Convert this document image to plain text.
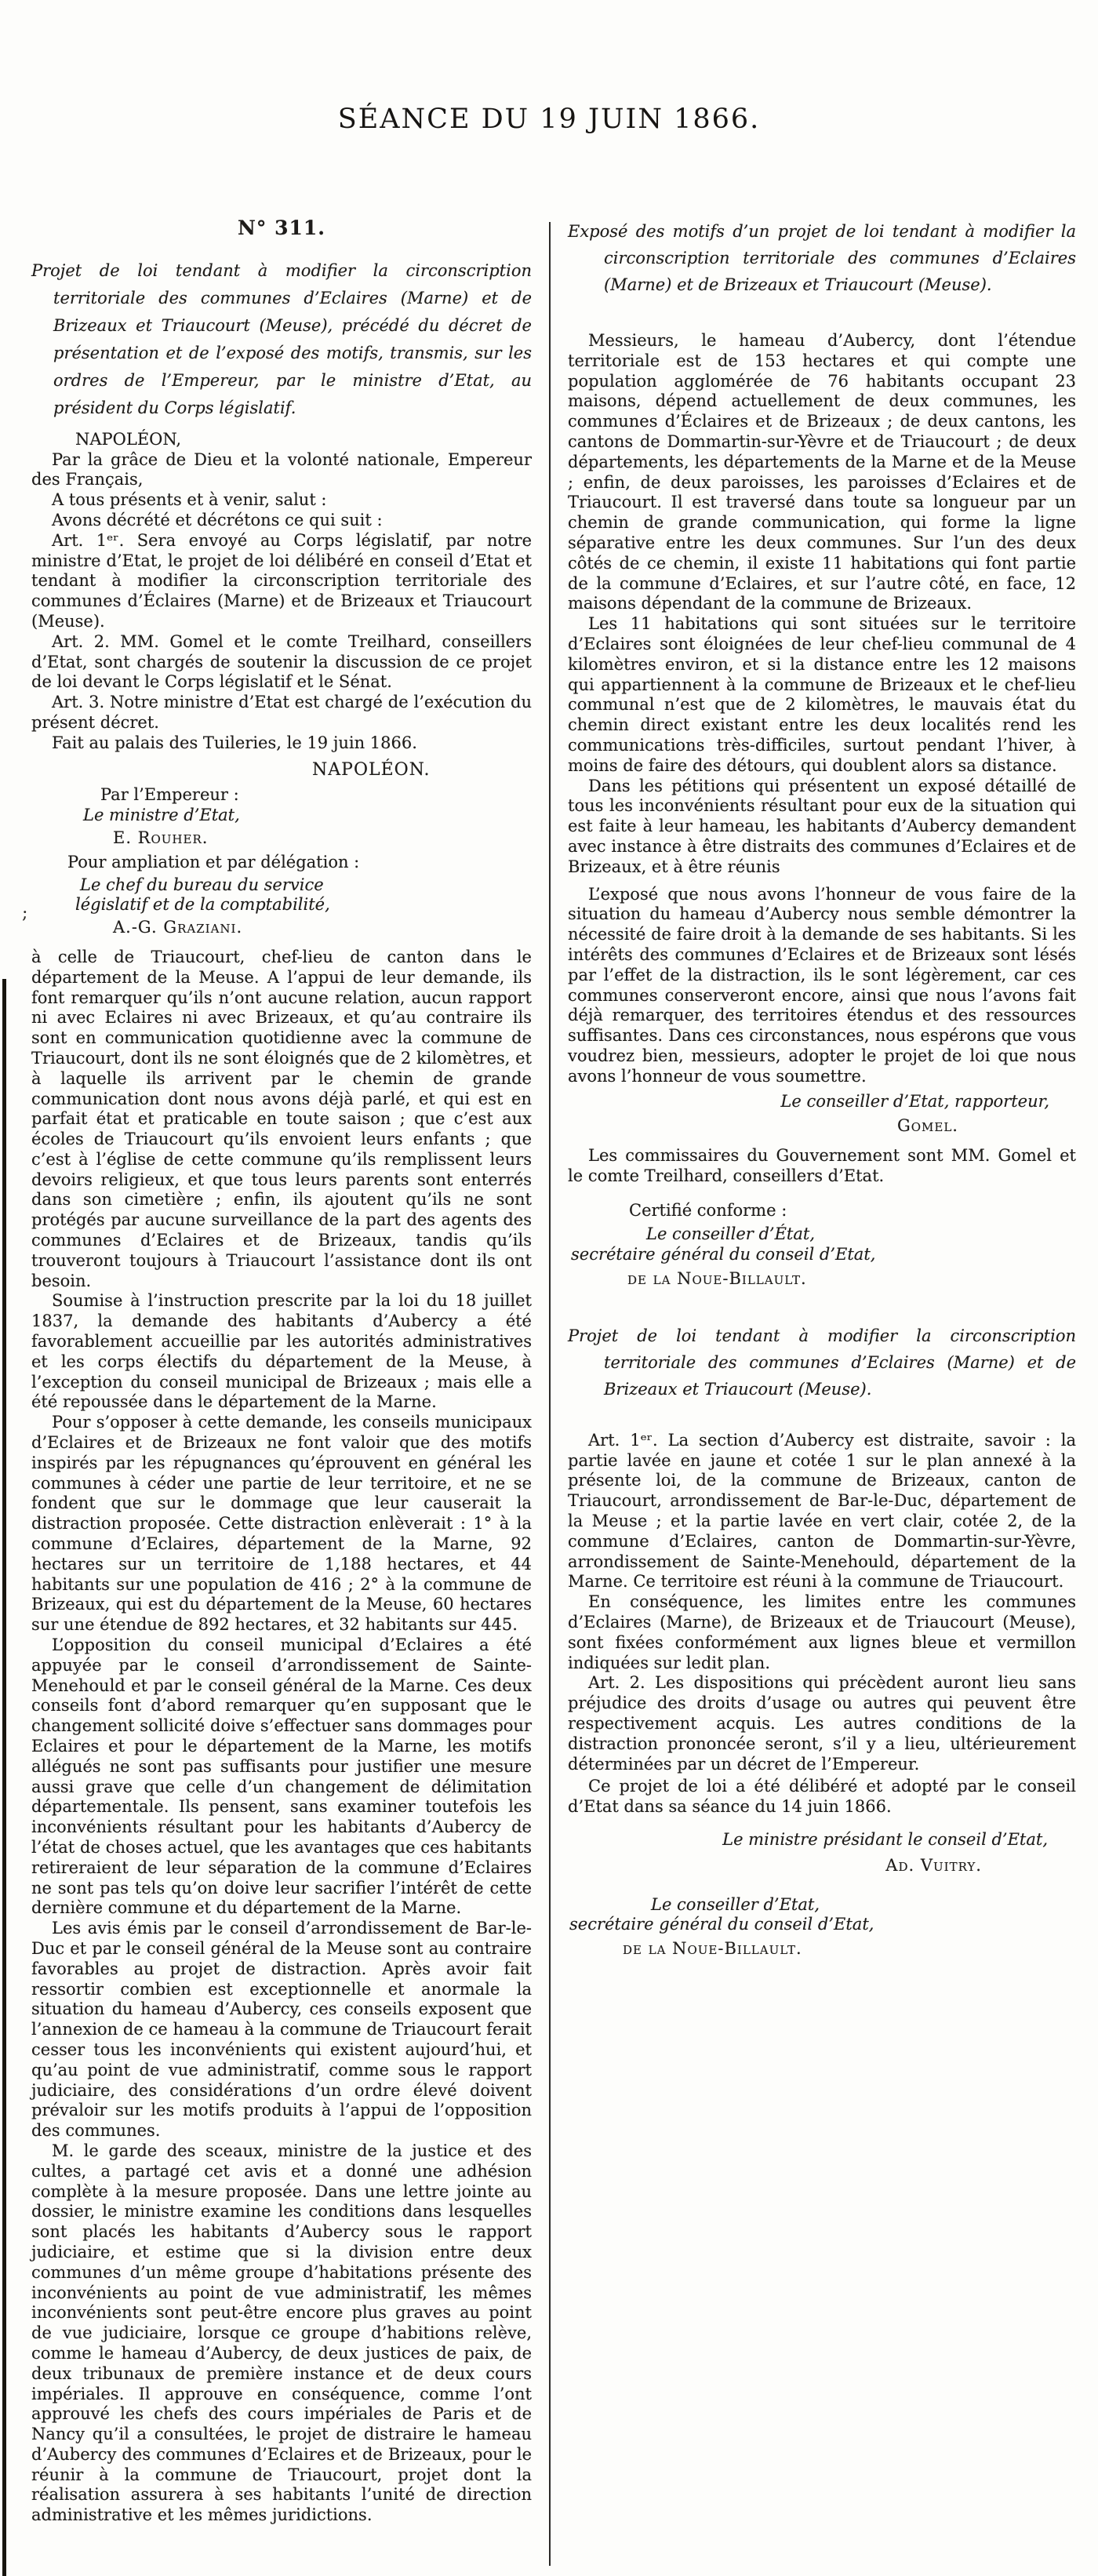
SÉANCE DU 19 JUIN 1866.
;

N° 311.

Projet de loi tendant à modifier la circonscription territoriale des communes d’Eclaires (Marne) et de Brizeaux et Triaucourt (Meuse), précédé du décret de présentation et de l’exposé des motifs, transmis, sur les ordres de l’Empereur, par le ministre d’Etat, au président du Corps législatif.

NAPOLÉON,

Par la grâce de Dieu et la volonté nationale, Empereur des Français,

A tous présents et à venir, salut :

Avons décrété et décrétons ce qui suit :

Art. 1ᵉʳ. Sera envoyé au Corps législatif, par notre ministre d’Etat, le projet de loi délibéré en conseil d’Etat et tendant à modifier la circonscription territoriale des communes d’Éclaires (Marne) et de Brizeaux et Triaucourt (Meuse).

Art. 2. MM. Gomel et le comte Treilhard, conseillers d’Etat, sont chargés de soutenir la discussion de ce projet de loi devant le Corps législatif et le Sénat.

Art. 3. Notre ministre d’Etat est chargé de l’exécution du présent décret.

Fait au palais des Tuileries, le 19 juin 1866.

NAPOLÉON.

Par l’Empereur :

Le ministre d’Etat,

E. Rouher.

Pour ampliation et par délégation :

Le chef du bureau du service

législatif et de la comptabilité,

A.-G. Graziani.

à celle de Triaucourt, chef-lieu de canton dans le département de la Meuse. A l’appui de leur demande, ils font remarquer qu’ils n’ont aucune relation, aucun rapport ni avec Eclaires ni avec Brizeaux, et qu’au contraire ils sont en communication quotidienne avec la commune de Triaucourt, dont ils ne sont éloignés que de 2 kilomètres, et à laquelle ils arrivent par le chemin de grande communication dont nous avons déjà parlé, et qui est en parfait état et praticable en toute saison ; que c’est aux écoles de Triaucourt qu’ils envoient leurs enfants ; que c’est à l’église de cette commune qu’ils remplissent leurs devoirs religieux, et que tous leurs parents sont enterrés dans son cimetière ; enfin, ils ajoutent qu’ils ne sont protégés par aucune surveillance de la part des agents des communes d’Eclaires et de Brizeaux, tandis qu’ils trouveront toujours à Triaucourt l’assistance dont ils ont besoin.

Soumise à l’instruction prescrite par la loi du 18 juillet 1837, la demande des habitants d’Aubercy a été favorablement accueillie par les autorités administratives et les corps électifs du département de la Meuse, à l’exception du conseil municipal de Brizeaux ; mais elle a été repoussée dans le département de la Marne.

Pour s’opposer à cette demande, les conseils municipaux d’Eclaires et de Brizeaux ne font valoir que des motifs inspirés par les répugnances qu’éprouvent en général les communes à céder une partie de leur territoire, et ne se fondent que sur le dommage que leur causerait la distraction proposée. Cette distraction enlèverait : 1° à la commune d’Eclaires, département de la Marne, 92 hectares sur un territoire de 1,188 hectares, et 44 habitants sur une population de 416 ; 2° à la commune de Brizeaux, qui est du département de la Meuse, 60 hectares sur une étendue de 892 hectares, et 32 habitants sur 445.

L’opposition du conseil municipal d’Eclaires a été appuyée par le conseil d’arrondissement de Sainte-Menehould et par le conseil général de la Marne. Ces deux conseils font d’abord remarquer qu’en supposant que le changement sollicité doive s’effectuer sans dommages pour Eclaires et pour le département de la Marne, les motifs allégués ne sont pas suffisants pour justifier une mesure aussi grave que celle d’un changement de délimitation départementale. Ils pensent, sans examiner toutefois les inconvénients résultant pour les habitants d’Aubercy de l’état de choses actuel, que les avantages que ces habitants retireraient de leur séparation de la commune d’Eclaires ne sont pas tels qu’on doive leur sacrifier l’intérêt de cette dernière commune et du département de la Marne.

Les avis émis par le conseil d’arrondissement de Bar-le-Duc et par le conseil général de la Meuse sont au contraire favorables au projet de distraction. Après avoir fait ressortir combien est exceptionnelle et anormale la situation du hameau d’Aubercy, ces conseils exposent que l’annexion de ce hameau à la commune de Triaucourt ferait cesser tous les inconvénients qui existent aujourd’hui, et qu’au point de vue administratif, comme sous le rapport judiciaire, des considérations d’un ordre élevé doivent prévaloir sur les motifs produits à l’appui de l’opposition des communes.

M. le garde des sceaux, ministre de la justice et des cultes, a partagé cet avis et a donné une adhésion complète à la mesure proposée. Dans une lettre jointe au dossier, le ministre examine les conditions dans lesquelles sont placés les habitants d’Aubercy sous le rapport judiciaire, et estime que si la division entre deux communes d’un même groupe d’habitations présente des inconvénients au point de vue administratif, les mêmes inconvénients sont peut-être encore plus graves au point de vue judiciaire, lorsque ce groupe d’habitions relève, comme le hameau d’Aubercy, de deux justices de paix, de deux tribunaux de première instance et de deux cours impériales. Il approuve en conséquence, comme l’ont approuvé les chefs des cours impériales de Paris et de Nancy qu’il a consultées, le projet de distraire le hameau d’Aubercy des communes d’Eclaires et de Brizeaux, pour le réunir à la commune de Triaucourt, projet dont la réalisation assurera à ses habitants l’unité de direction administrative et les mêmes juridictions.

Exposé des motifs d’un projet de loi tendant à modifier la circonscription territoriale des communes d’Eclaires (Marne) et de Brizeaux et Triaucourt (Meuse).

Messieurs, le hameau d’Aubercy, dont l’étendue territoriale est de 153 hectares et qui compte une population agglomérée de 76 habitants occupant 23 maisons, dépend actuellement de deux communes, les communes d’Éclaires et de Brizeaux ; de deux cantons, les cantons de Dommartin-sur-Yèvre et de Triaucourt ; de deux départements, les départements de la Marne et de la Meuse ; enfin, de deux paroisses, les paroisses d’Eclaires et de Triaucourt. Il est traversé dans toute sa longueur par un chemin de grande communication, qui forme la ligne séparative entre les deux communes. Sur l’un des deux côtés de ce chemin, il existe 11 habitations qui font partie de la commune d’Eclaires, et sur l’autre côté, en face, 12 maisons dépendant de la commune de Brizeaux.

Les 11 habitations qui sont situées sur le territoire d’Eclaires sont éloignées de leur chef-lieu communal de 4 kilomètres environ, et si la distance entre les 12 maisons qui appartiennent à la commune de Brizeaux et le chef-lieu communal n’est que de 2 kilomètres, le mauvais état du chemin direct existant entre les deux localités rend les communications très-difficiles, surtout pendant l’hiver, à moins de faire des détours, qui doublent alors sa distance.

Dans les pétitions qui présentent un exposé détaillé de tous les inconvénients résultant pour eux de la situation qui est faite à leur hameau, les habitants d’Aubercy demandent avec instance à être distraits des communes d’Eclaires et de Brizeaux, et à être réunis

L’exposé que nous avons l’honneur de vous faire de la situation du hameau d’Aubercy nous semble démontrer la nécessité de faire droit à la demande de ses habitants. Si les intérêts des communes d’Eclaires et de Brizeaux sont lésés par l’effet de la distraction, ils le sont légèrement, car ces communes conserveront encore, ainsi que nous l’avons fait déjà remarquer, des territoires étendus et des ressources suffisantes. Dans ces circonstances, nous espérons que vous voudrez bien, messieurs, adopter le projet de loi que nous avons l’honneur de vous soumettre.

Le conseiller d’Etat, rapporteur,

Gomel.

Les commissaires du Gouvernement sont MM. Gomel et le comte Treilhard, conseillers d’Etat.

Certifié conforme :

Le conseiller d’État,

secrétaire général du conseil d’Etat,

de la Noue-Billault.

Projet de loi tendant à modifier la circonscription territoriale des communes d’Eclaires (Marne) et de Brizeaux et Triaucourt (Meuse).

Art. 1ᵉʳ. La section d’Aubercy est distraite, savoir : la partie lavée en jaune et cotée 1 sur le plan annexé à la présente loi, de la commune de Brizeaux, canton de Triaucourt, arrondissement de Bar-le-Duc, département de la Meuse ; et la partie lavée en vert clair, cotée 2, de la commune d’Eclaires, canton de Dommartin-sur-Yèvre, arrondissement de Sainte-Menehould, département de la Marne. Ce territoire est réuni à la commune de Triaucourt.

En conséquence, les limites entre les communes d’Eclaires (Marne), de Brizeaux et de Triaucourt (Meuse), sont fixées conformément aux lignes bleue et vermillon indiquées sur ledit plan.

Art. 2. Les dispositions qui précèdent auront lieu sans préjudice des droits d’usage ou autres qui peuvent être respectivement acquis. Les autres conditions de la distraction prononcée seront, s’il y a lieu, ultérieurement déterminées par un décret de l’Empereur.

Ce projet de loi a été délibéré et adopté par le conseil d’Etat dans sa séance du 14 juin 1866.

Le ministre présidant le conseil d’Etat,

Ad. Vuitry.

Le conseiller d’Etat,

secrétaire général du conseil d’Etat,

de la Noue-Billault.
